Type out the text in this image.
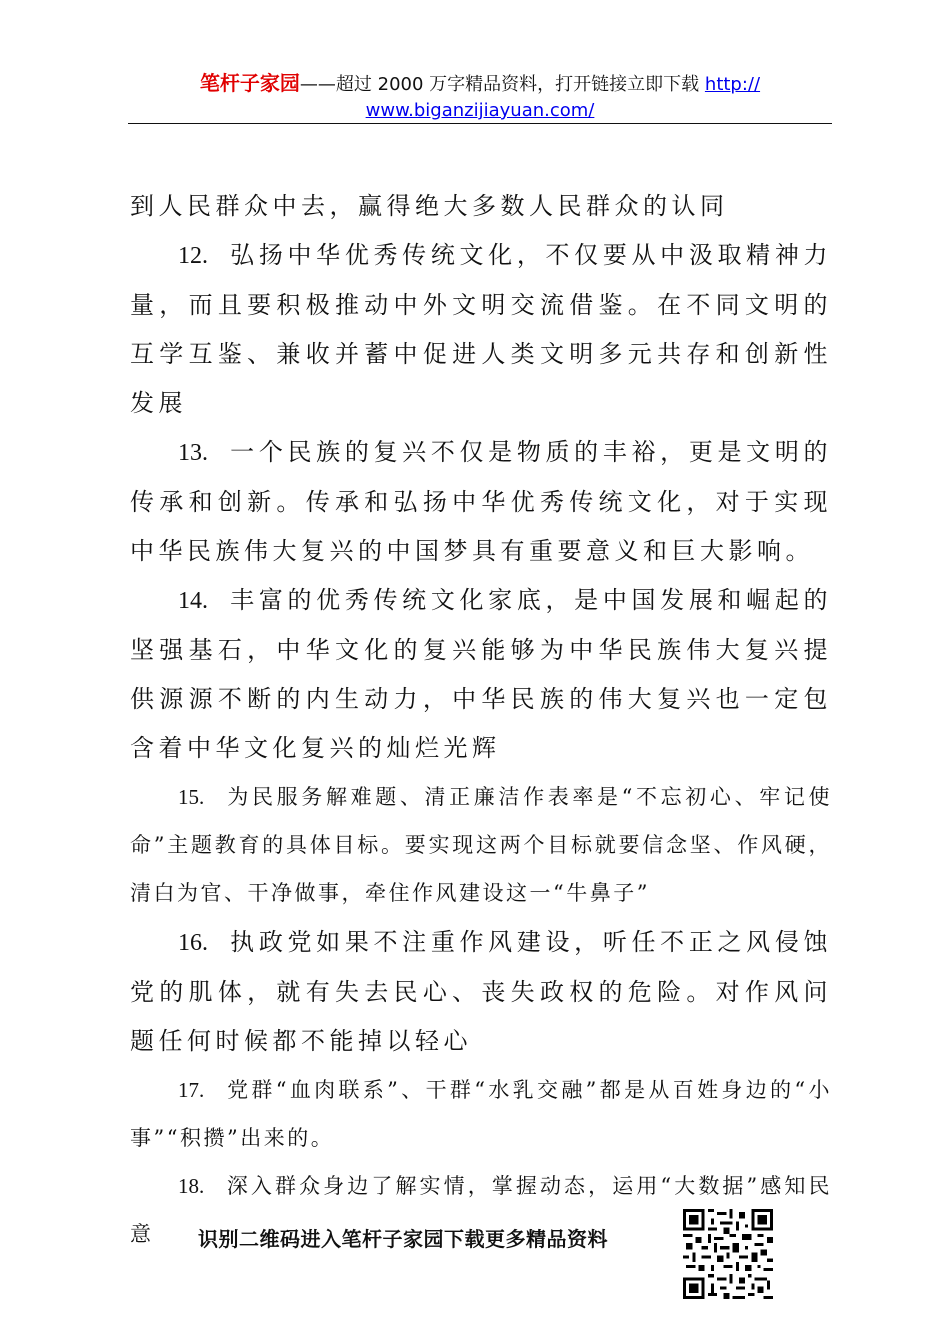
笔杆子家园——超过 2000 万字精品资料，打开链接立即下载 http://
www.biganzijiayuan.com/

到人民群众中去，赢得绝大多数人民群众的认同

12. 弘扬中华优秀传统文化，不仅要从中汲取精神力量，而且要积极推动中外文明交流借鉴。在不同文明的互学互鉴、兼收并蓄中促进人类文明多元共存和创新性发展

13. 一个民族的复兴不仅是物质的丰裕，更是文明的传承和创新。传承和弘扬中华优秀传统文化，对于实现中华民族伟大复兴的中国梦具有重要意义和巨大影响。

14. 丰富的优秀传统文化家底，是中国发展和崛起的坚强基石，中华文化的复兴能够为中华民族伟大复兴提供源源不断的内生动力，中华民族的伟大复兴也一定包含着中华文化复兴的灿烂光辉

15. 为民服务解难题、清正廉洁作表率是“不忘初心、牢记使命”主题教育的具体目标。要实现这两个目标就要信念坚、作风硬，清白为官、干净做事，牵住作风建设这一“牛鼻子”

16. 执政党如果不注重作风建设，听任不正之风侵蚀党的肌体，就有失去民心、丧失政权的危险。对作风问题任何时候都不能掉以轻心

17. 党群“血肉联系”、干群“水乳交融”都是从百姓身边的“小事”“积攒”出来的。

18. 深入群众身边了解实情，掌握动态，运用“大数据”感知民意	识别二维码进入笔杆子家园下载更多精品资料
